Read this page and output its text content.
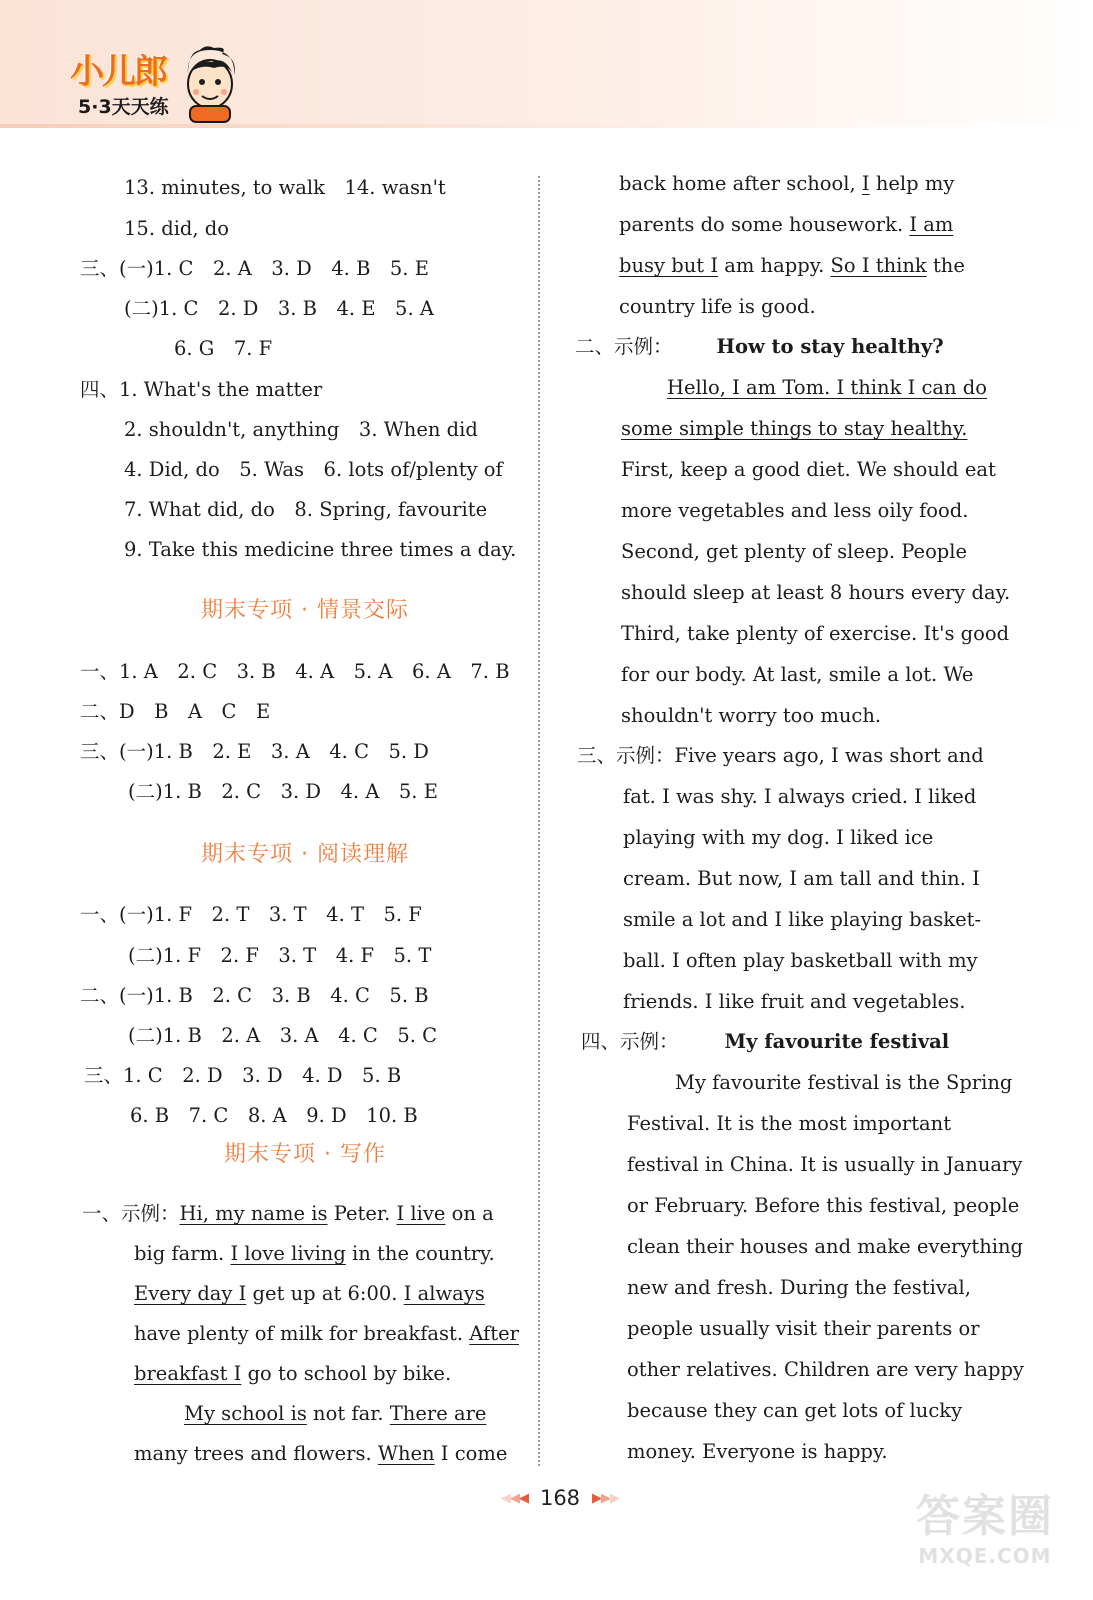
小儿郎
5·3天天练
13. minutes, to walk　14. wasn't
15. did, do
三、(一)1. C　2. A　3. D　4. B　5. E
(二)1. C　2. D　3. B　4. E　5. A
6. G　7. F
四、1. What's the matter
2. shouldn't, anything　3. When did
4. Did, do　5. Was　6. lots of/plenty of
7. What did, do　8. Spring, favourite
9. Take this medicine three times a day.
期末专项 · 情景交际
一、1. A　2. C　3. B　4. A　5. A　6. A　7. B
二、D　B　A　C　E
三、(一)1. B　2. E　3. A　4. C　5. D
(二)1. B　2. C　3. D　4. A　5. E
期末专项 · 阅读理解
一、(一)1. F　2. T　3. T　4. T　5. F
(二)1. F　2. F　3. T　4. F　5. T
二、(一)1. B　2. C　3. B　4. C　5. B
(二)1. B　2. A　3. A　4. C　5. C
三、1. C　2. D　3. D　4. D　5. B
6. B　7. C　8. A　9. D　10. B
期末专项 · 写作
一、示例：Hi, my name is Peter. I live on a
big farm. I love living in the country.
Every day I get up at 6:00. I always
have plenty of milk for breakfast. After
breakfast I go to school by bike.
My school is not far. There are
many trees and flowers. When I come
back home after school, I help my
parents do some housework. I am
busy but I am happy. So I think the
country life is good.
二、示例： How to stay healthy?
Hello, I am Tom. I think I can do
some simple things to stay healthy.
First, keep a good diet. We should eat
more vegetables and less oily food.
Second, get plenty of sleep. People
should sleep at least 8 hours every day.
Third, take plenty of exercise. It's good
for our body. At last, smile a lot. We
shouldn't worry too much.
三、示例：Five years ago, I was short and
fat. I was shy. I always cried. I liked
playing with my dog. I liked ice
cream. But now, I am tall and thin. I
smile a lot and I like playing basket-
ball. I often play basketball with my
friends. I like fruit and vegetables.
四、示例： My favourite festival
My favourite festival is the Spring
Festival. It is the most important
festival in China. It is usually in January
or February. Before this festival, people
clean their houses and make everything
new and fresh. During the festival,
people usually visit their parents or
other relatives. Children are very happy
because they can get lots of lucky
money. Everyone is happy.
◀◀◀ 168 ▶▶▶	答案圈
MXQE.COM
